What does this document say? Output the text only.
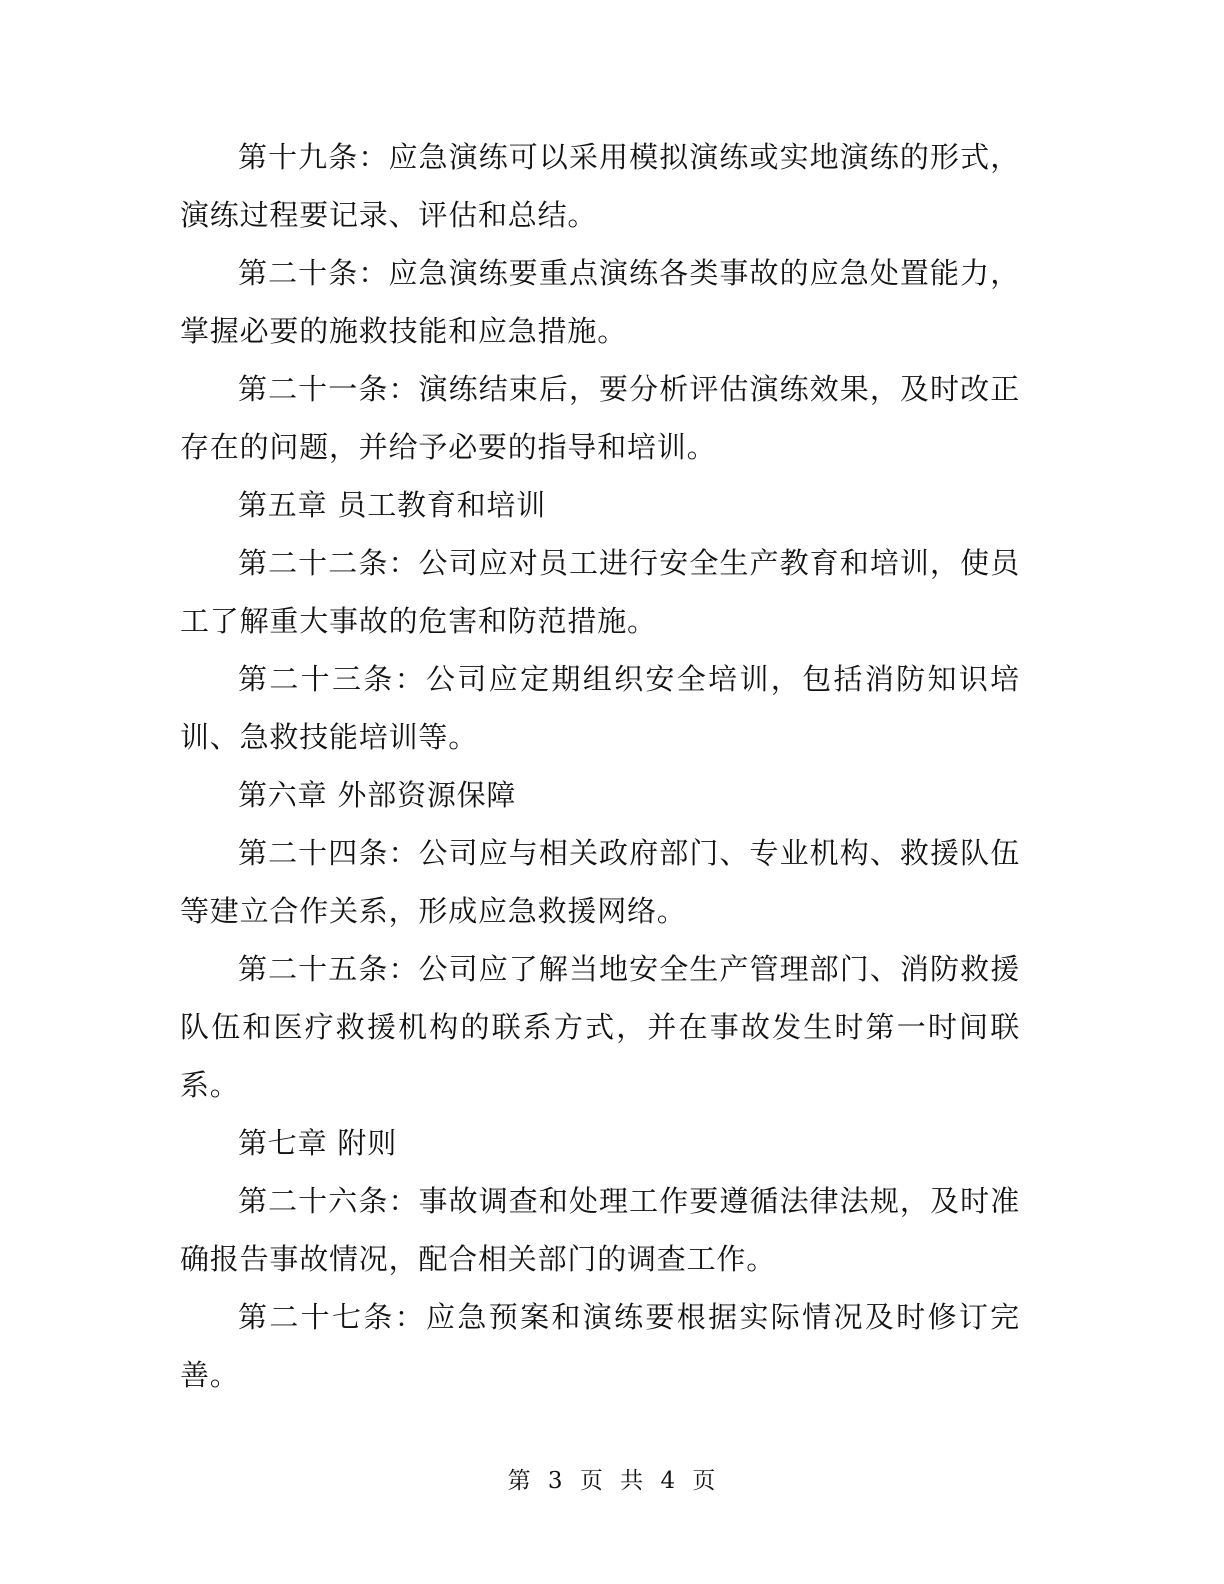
第十九条：应急演练可以采用模拟演练或实地演练的形式，演练过程要记录、评估和总结。

第二十条：应急演练要重点演练各类事故的应急处置能力，掌握必要的施救技能和应急措施。

第二十一条：演练结束后，要分析评估演练效果，及时改正存在的问题，并给予必要的指导和培训。

第五章 员工教育和培训

第二十二条：公司应对员工进行安全生产教育和培训，使员工了解重大事故的危害和防范措施。

第二十三条：公司应定期组织安全培训，包括消防知识培训、急救技能培训等。

第六章 外部资源保障

第二十四条：公司应与相关政府部门、专业机构、救援队伍等建立合作关系，形成应急救援网络。

第二十五条：公司应了解当地安全生产管理部门、消防救援队伍和医疗救援机构的联系方式，并在事故发生时第一时间联系。

第七章 附则

第二十六条：事故调查和处理工作要遵循法律法规，及时准确报告事故情况，配合相关部门的调查工作。

第二十七条：应急预案和演练要根据实际情况及时修订完善。

第 3 页 共 4 页
